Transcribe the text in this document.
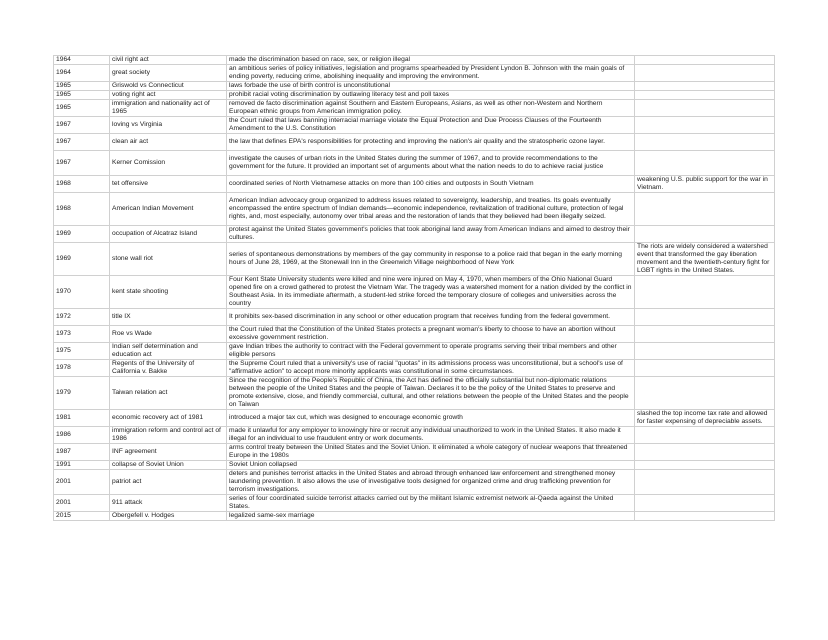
1964	civil right act	made the discrimination based on race, sex, or religion illegal	
1964	great society	an ambitious series of policy initiatives, legislation and programs spearheaded by President Lyndon B. Johnson with the main goals of ending poverty, reducing crime, abolishing inequality and improving the environment.	
1965	Griswold vs Connecticut	laws forbade the use of birth control is unconstitutional	
1965	voting right act	prohibit racial voting discrimination by outlawing literacy test and poll taxes	
1965	immigration and nationality act of 1965	removed de facto discrimination against Southern and Eastern Europeans, Asians, as well as other non-Western and Northern European ethnic groups from American immigration policy.	
1967	loving vs Virginia	the Court ruled that laws banning interracial marriage violate the Equal Protection and Due Process Clauses of the Fourteenth Amendment to the U.S. Constitution	
1967	clean air act	the law that defines EPA's responsibilities for protecting and improving the nation's air quality and the stratospheric ozone layer.	
1967	Kerner Comission	investigate the causes of urban riots in the United States during the summer of 1967, and to provide recommendations to the government for the future. It provided an important set of arguments about what the nation needs to do to achieve racial justice	
1968	tet offensive	coordinated series of North Vietnamese attacks on more than 100 cities and outposts in South Vietnam	weakening U.S. public support for the war in Vietnam.
1968	American Indian Movement	American Indian advocacy group organized to address issues related to sovereignty, leadership, and treaties. Its goals eventually encompassed the entire spectrum of Indian demands—economic independence, revitalization of traditional culture, protection of legal rights, and, most especially, autonomy over tribal areas and the restoration of lands that they believed had been illegally seized.	
1969	occupation of Alcatraz Island	protest against the United States government's policies that took aboriginal land away from American Indians and aimed to destroy their cultures.	
1969	stone wall riot	series of spontaneous demonstrations by members of the gay community in response to a police raid that began in the early morning hours of June 28, 1969, at the Stonewall Inn in the Greenwich Village neighborhood of New York	The riots are widely considered a watershed event that transformed the gay liberation movement and the twentieth-century fight for LGBT rights in the United States.
1970	kent state shooting	Four Kent State University students were killed and nine were injured on May 4, 1970, when members of the Ohio National Guard opened fire on a crowd gathered to protest the Vietnam War. The tragedy was a watershed moment for a nation divided by the conflict in Southeast Asia. In its immediate aftermath, a student-led strike forced the temporary closure of colleges and universities across the country	
1972	title IX	It prohibits sex-based discrimination in any school or other education program that receives funding from the federal government.	
1973	Roe vs Wade	the Court ruled that the Constitution of the United States protects a pregnant woman's liberty to choose to have an abortion without excessive government restriction.	
1975	Indian self determination and education act	gave Indian tribes the authority to contract with the Federal government to operate programs serving their tribal members and other eligible persons	
1978	Regents of the University of California v. Bakke	the Supreme Court ruled that a university's use of racial "quotas" in its admissions process was unconstitutional, but a school's use of "affirmative action" to accept more minority applicants was constitutional in some circumstances.	
1979	Taiwan relation act	Since the recognition of the People's Republic of China, the Act has defined the officially substantial but non-diplomatic relations between the people of the United States and the people of Taiwan. Declares it to be the policy of the United States to preserve and promote extensive, close, and friendly commercial, cultural, and other relations between the people of the United States and the people on Taiwan	
1981	economic recovery act of 1981	introduced a major tax cut, which was designed to encourage economic growth	slashed the top income tax rate and allowed for faster expensing of depreciable assets.
1986	immigration reform and control act of 1986	made it unlawful for any employer to knowingly hire or recruit any individual unauthorized to work in the United States. It also made it illegal for an individual to use fraudulent entry or work documents.	
1987	INF agreement	arms control treaty between the United States and the Soviet Union. It eliminated a whole category of nuclear weapons that threatened Europe in the 1980s	
1991	collapse of Soviet Union	Soviet Union collapsed	
2001	patriot act	deters and punishes terrorist attacks in the United States and abroad through enhanced law enforcement and strengthened money laundering prevention. It also allows the use of investigative tools designed for organized crime and drug trafficking prevention for terrorism investigations.	
2001	911 attack	series of four coordinated suicide terrorist attacks carried out by the militant Islamic extremist network al-Qaeda against the United States.	
2015	Obergefell v. Hodges	legalized same-sex marriage	
